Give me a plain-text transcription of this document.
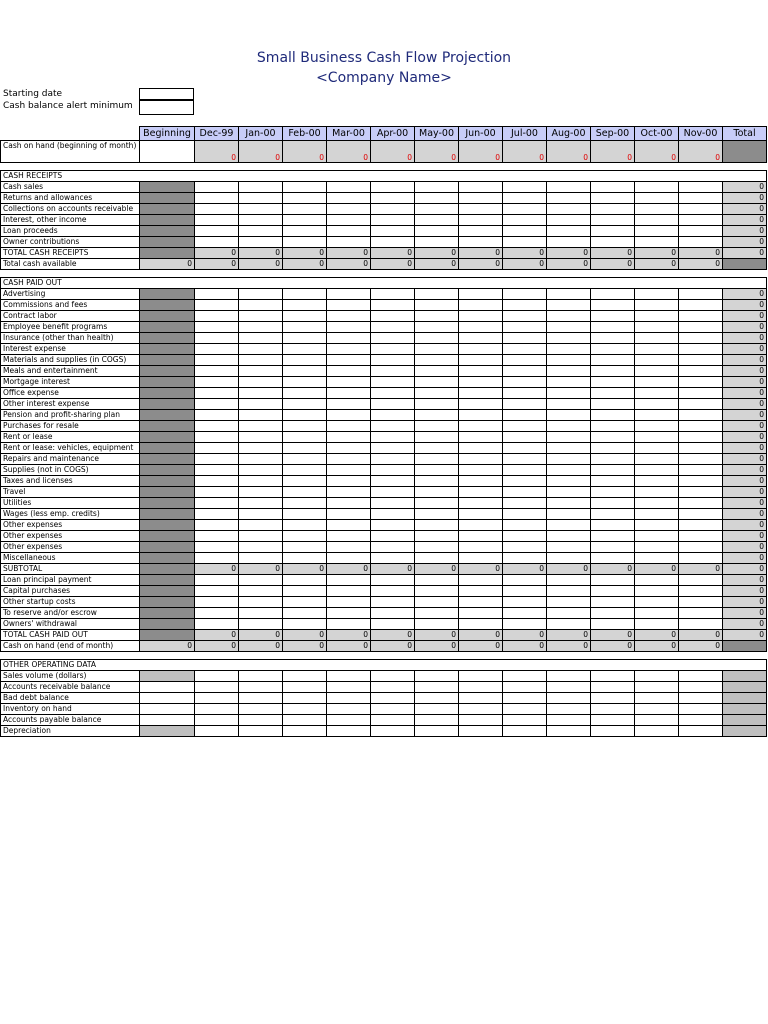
Small Business Cash Flow Projection
<Company Name>
Starting date
Cash balance alert minimum
	Beginning	Dec-99	Jan-00	Feb-00	Mar-00	Apr-00	May-00	Jun-00	Jul-00	Aug-00	Sep-00	Oct-00	Nov-00	Total
Cash on hand (beginning of month)		0	0	0	0	0	0	0	0	0	0	0	0	

CASH RECEIPTS														
Cash sales														0
Returns and allowances														0
Collections on accounts receivable														0
Interest, other income														0
Loan proceeds														0
Owner contributions														0
TOTAL CASH RECEIPTS		0	0	0	0	0	0	0	0	0	0	0	0	0
Total cash available	0	0	0	0	0	0	0	0	0	0	0	0	0	

CASH PAID OUT														
Advertising														0
Commissions and fees														0
Contract labor														0
Employee benefit programs														0
Insurance (other than health)														0
Interest expense														0
Materials and supplies (in COGS)														0
Meals and entertainment														0
Mortgage interest														0
Office expense														0
Other interest expense														0
Pension and profit-sharing plan														0
Purchases for resale														0
Rent or lease														0
Rent or lease: vehicles, equipment														0
Repairs and maintenance														0
Supplies (not in COGS)														0
Taxes and licenses														0
Travel														0
Utilities														0
Wages (less emp. credits)														0
Other expenses														0
Other expenses														0
Other expenses														0
Miscellaneous														0
SUBTOTAL		0	0	0	0	0	0	0	0	0	0	0	0	0
Loan principal payment														0
Capital purchases														0
Other startup costs														0
To reserve and/or escrow														0
Owners' withdrawal														0
TOTAL CASH PAID OUT		0	0	0	0	0	0	0	0	0	0	0	0	0
Cash on hand (end of month)	0	0	0	0	0	0	0	0	0	0	0	0	0	

OTHER OPERATING DATA														
Sales volume (dollars)														
Accounts receivable balance														
Bad debt balance														
Inventory on hand														
Accounts payable balance														
Depreciation														
